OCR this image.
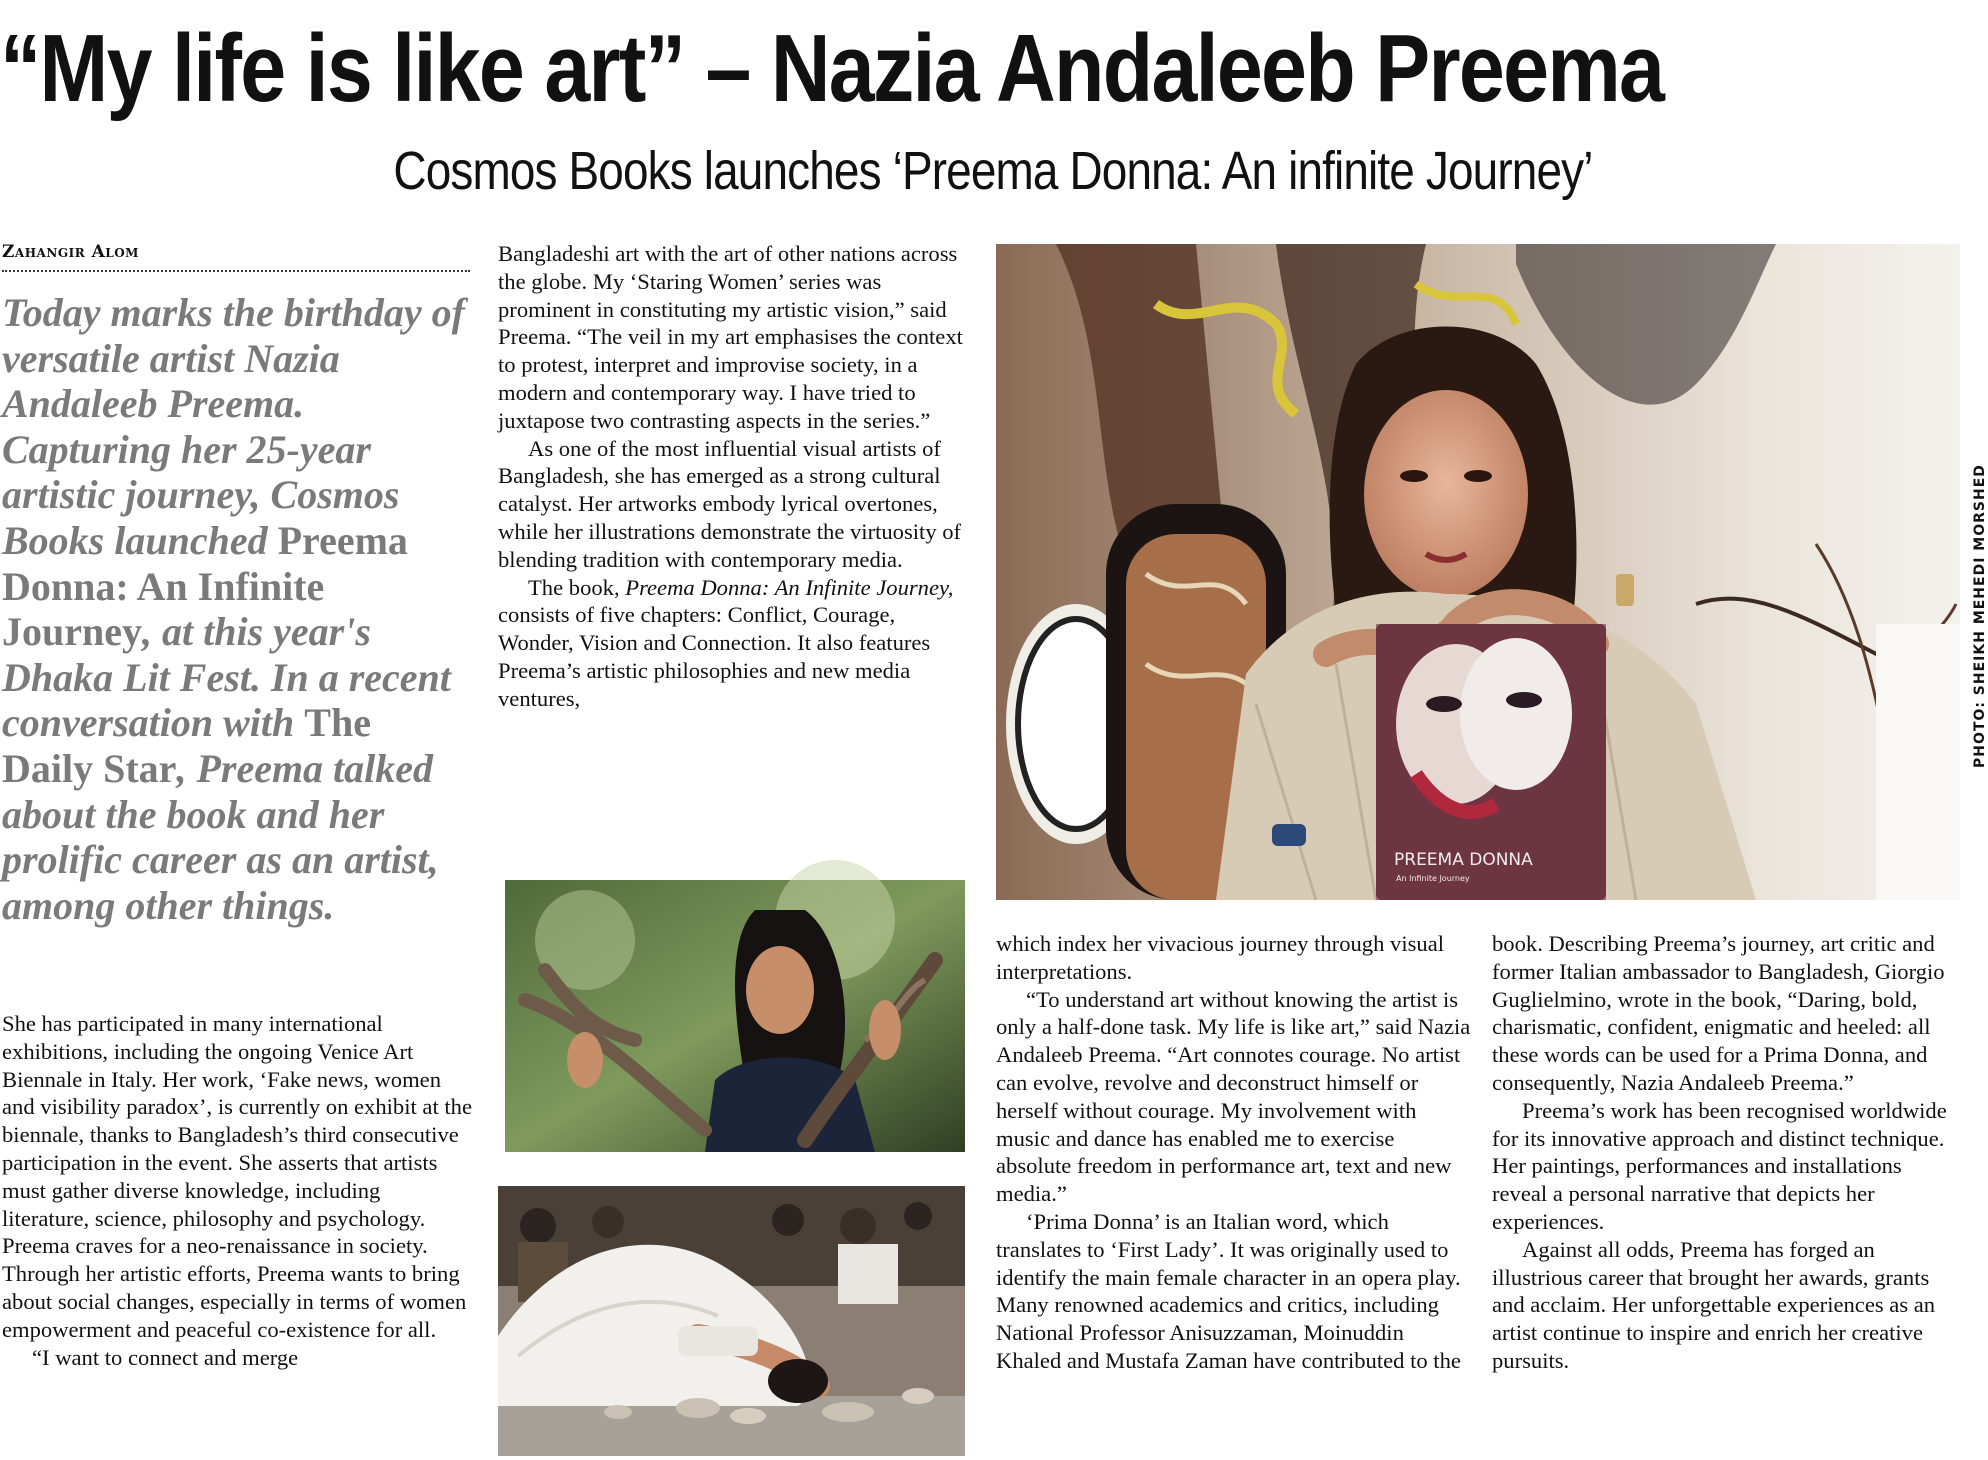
“My life is like art” – Nazia Andaleeb Preema
Cosmos Books launches ‘Preema Donna: An infinite Journey’
Zahangir Alom
Today marks the birthday of versatile artist Nazia Andaleeb Preema. Capturing her 25-year artistic journey, Cosmos Books launched Preema Donna: An Infinite Journey, at this year's Dhaka Lit Fest. In a recent conversation with The Daily Star, Preema talked about the book and her prolific career as an artist, among other things.

She has participated in many international exhibitions, including the ongoing Venice Art Biennale in Italy. Her work, ‘Fake news, women and visibility paradox’, is currently on exhibit at the biennale, thanks to Bangladesh’s third consecutive participation in the event. She asserts that artists must gather diverse knowledge, including literature, science, philosophy and psychology. Preema craves for a neo-renaissance in society. Through her artistic efforts, Preema wants to bring about social changes, especially in terms of women empowerment and peaceful co-existence for all.

“I want to connect and merge

Bangladeshi art with the art of other nations across the globe. My ‘Staring Women’ series was prominent in constituting my artistic vision,” said Preema. “The veil in my art emphasises the context to protest, interpret and improvise society, in a modern and contemporary way. I have tried to juxtapose two contrasting aspects in the series.”

As one of the most influential visual artists of Bangladesh, she has emerged as a strong cultural catalyst. Her artworks embody lyrical overtones, while her illustrations demonstrate the virtuosity of blending tradition with contemporary media.

The book, Preema Donna: An Infinite Journey, consists of five chapters: Conflict, Courage, Wonder, Vision and Connection. It also features Preema’s artistic philosophies and new media ventures,

which index her vivacious journey through visual interpretations.

“To understand art without knowing the artist is only a half-done task. My life is like art,” said Nazia Andaleeb Preema. “Art connotes courage. No artist can evolve, revolve and deconstruct himself or herself without courage. My involvement with music and dance has enabled me to exercise absolute freedom in performance art, text and new media.”

‘Prima Donna’ is an Italian word, which translates to ‘First Lady’. It was originally used to identify the main female character in an opera play. Many renowned academics and critics, including National Professor Anisuzzaman, Moinuddin Khaled and Mustafa Zaman have contributed to the

book. Describing Preema’s journey, art critic and former Italian ambassador to Bangladesh, Giorgio Guglielmino, wrote in the book, “Daring, bold, charismatic, confident, enigmatic and heeled: all these words can be used for a Prima Donna, and consequently, Nazia Andaleeb Preema.”

Preema’s work has been recognised worldwide for its innovative approach and distinct technique. Her paintings, performances and installations reveal a personal narrative that depicts her experiences.

Against all odds, Preema has forged an illustrious career that brought her awards, grants and acclaim. Her unforgettable experiences as an artist continue to inspire and enrich her creative pursuits.

PREEMA DONNA
An Infinite Journey
PHOTO: SHEIKH MEHEDI MORSHED
